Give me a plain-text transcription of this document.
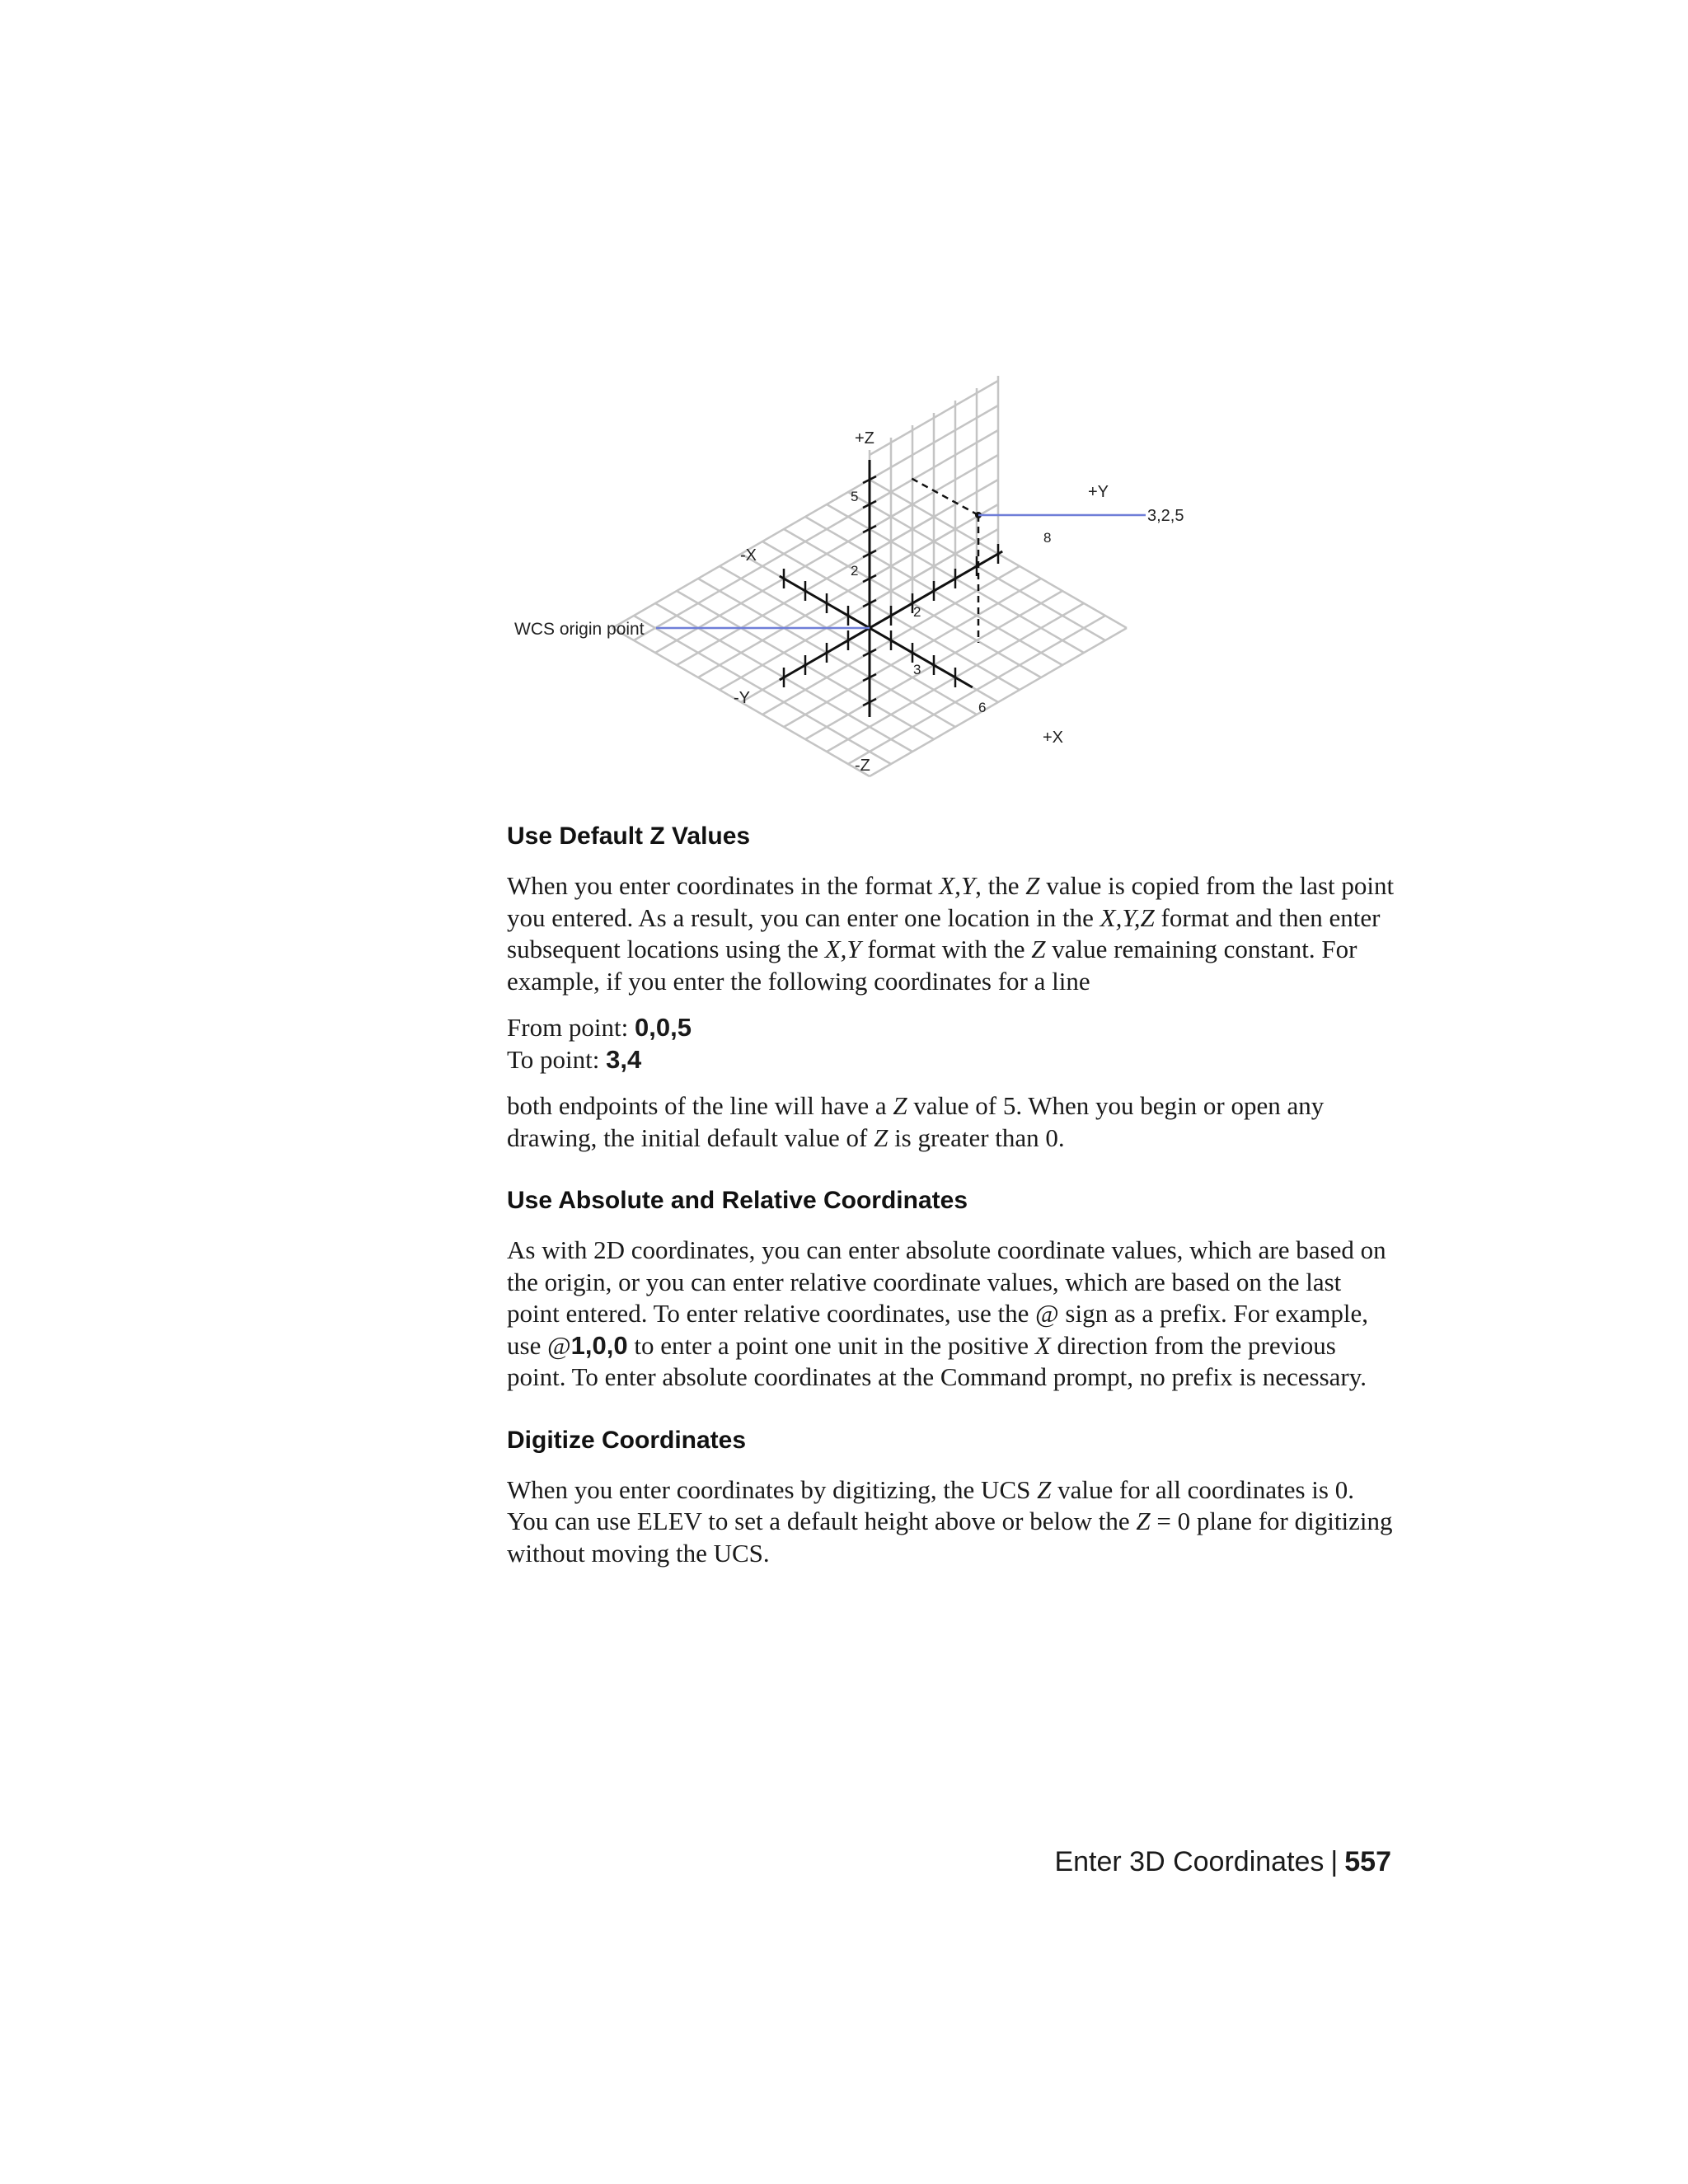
WCS origin point
3,2,5
+Z
-Z
+X
-X
+Y
-Y
5
2
2
8
3
6
Use Default Z Values

When you enter coordinates in the format X,Y, the Z value is copied from the last point you entered. As a result, you can enter one location in the X,Y,Z format and then enter subsequent locations using the X,Y format with the Z value remaining constant. For example, if you enter the following coordinates for a line

From point: 0,0,5
To point: 3,4

both endpoints of the line will have a Z value of 5. When you begin or open any drawing, the initial default value of Z is greater than 0.

Use Absolute and Relative Coordinates

As with 2D coordinates, you can enter absolute coordinate values, which are based on the origin, or you can enter relative coordinate values, which are based on the last point entered. To enter relative coordinates, use the @ sign as a prefix. For example, use @1,0,0 to enter a point one unit in the positive X direction from the previous point. To enter absolute coordinates at the Command prompt, no prefix is necessary.

Digitize Coordinates

When you enter coordinates by digitizing, the UCS Z value for all coordinates is 0. You can use ELEV to set a default height above or below the Z = 0 plane for digitizing without moving the UCS.

Enter 3D Coordinates | 557
